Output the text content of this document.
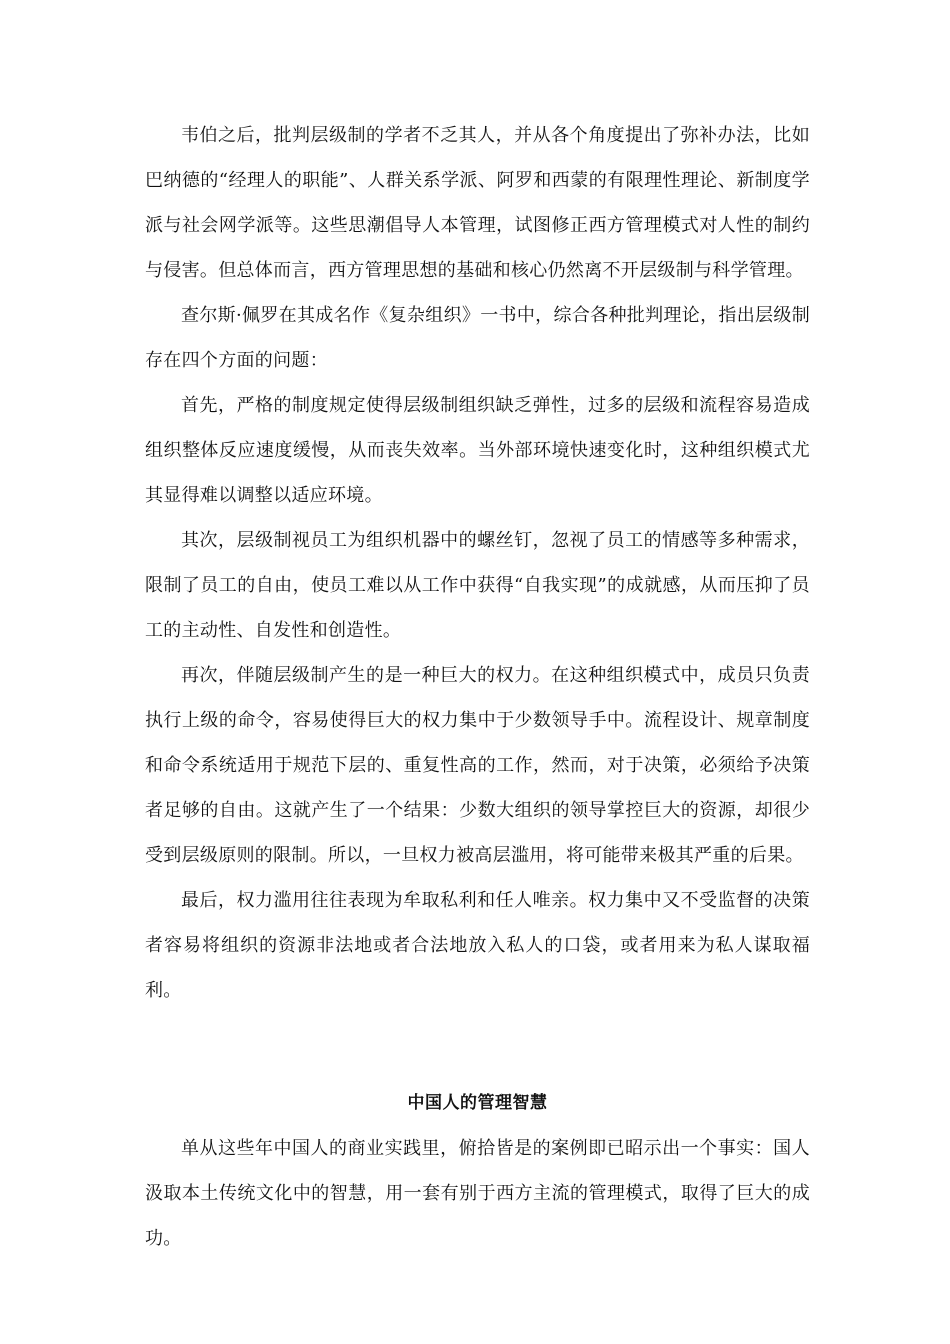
韦伯之后，批判层级制的学者不乏其人，并从各个角度提出了弥补办法，比如巴纳德的“经理人的职能”、人群关系学派、阿罗和西蒙的有限理性理论、新制度学派与社会网学派等。这些思潮倡导人本管理，试图修正西方管理模式对人性的制约与侵害。但总体而言，西方管理思想的基础和核心仍然离不开层级制与科学管理。

查尔斯·佩罗在其成名作《复杂组织》一书中，综合各种批判理论，指出层级制存在四个方面的问题：

首先，严格的制度规定使得层级制组织缺乏弹性，过多的层级和流程容易造成组织整体反应速度缓慢，从而丧失效率。当外部环境快速变化时，这种组织模式尤其显得难以调整以适应环境。

其次，层级制视员工为组织机器中的螺丝钉，忽视了员工的情感等多种需求，限制了员工的自由，使员工难以从工作中获得“自我实现”的成就感，从而压抑了员工的主动性、自发性和创造性。

再次，伴随层级制产生的是一种巨大的权力。在这种组织模式中，成员只负责执行上级的命令，容易使得巨大的权力集中于少数领导手中。流程设计、规章制度和命令系统适用于规范下层的、重复性高的工作，然而，对于决策，必须给予决策者足够的自由。这就产生了一个结果：少数大组织的领导掌控巨大的资源，却很少受到层级原则的限制。所以，一旦权力被高层滥用，将可能带来极其严重的后果。

最后，权力滥用往往表现为牟取私利和任人唯亲。权力集中又不受监督的决策者容易将组织的资源非法地或者合法地放入私人的口袋，或者用来为私人谋取福利。

中国人的管理智慧

单从这些年中国人的商业实践里，俯拾皆是的案例即已昭示出一个事实：国人汲取本土传统文化中的智慧，用一套有别于西方主流的管理模式，取得了巨大的成功。
